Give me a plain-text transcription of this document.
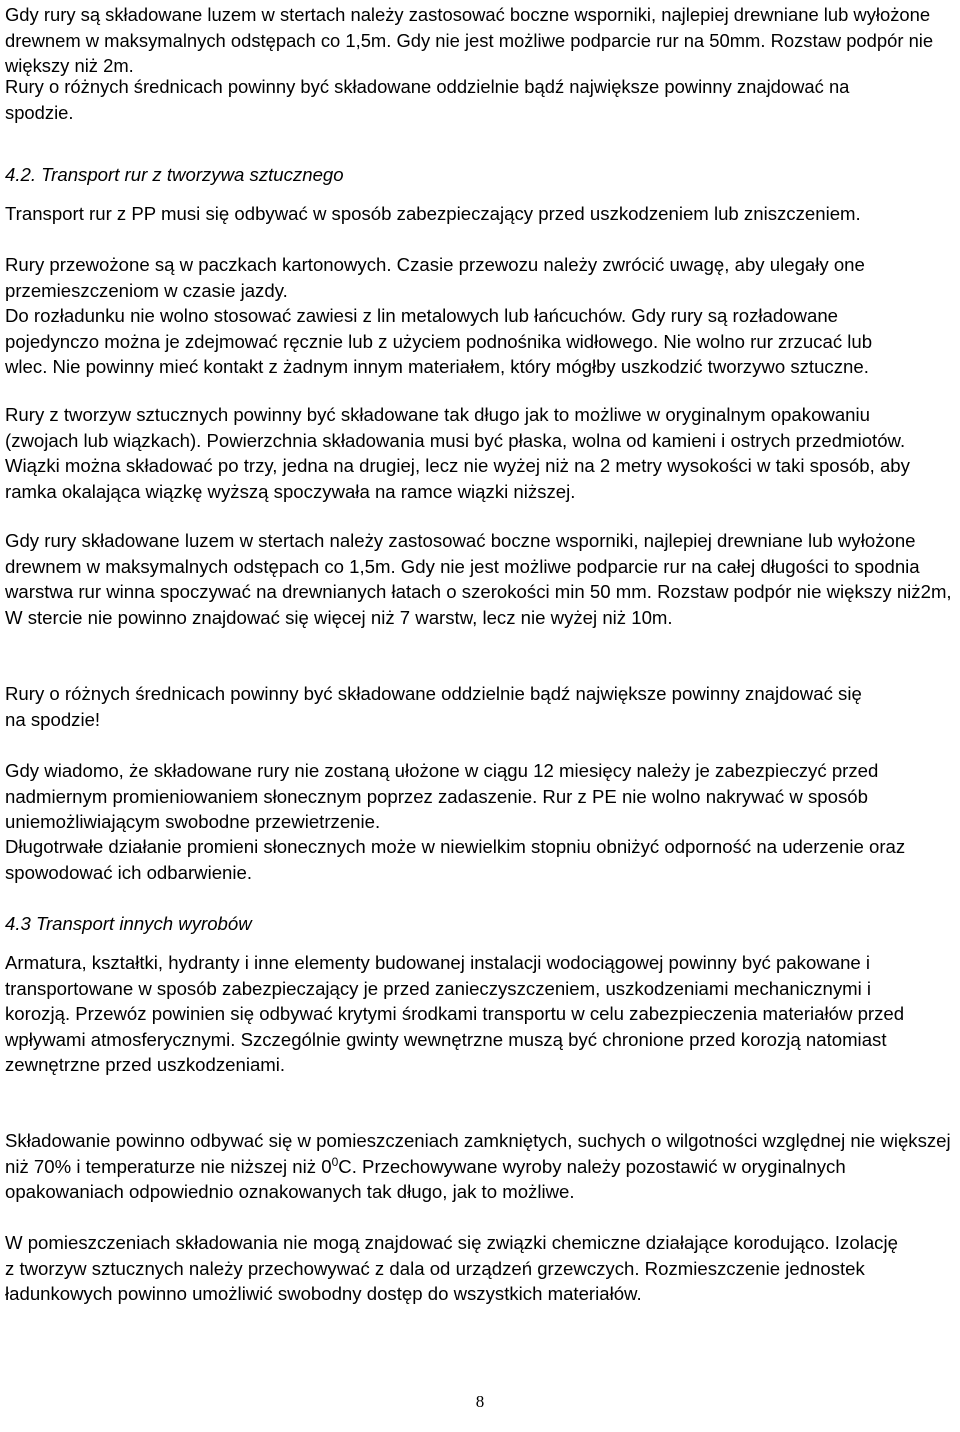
Gdy rury są składowane luzem w stertach należy zastosować boczne wsporniki, najlepiej drewniane lub wyłożone drewnem w maksymalnych odstępach co 1,5m. Gdy nie jest możliwe podparcie rur na 50mm. Rozstaw podpór nie większy niż 2m.

Rury o różnych średnicach powinny być składowane oddzielnie bądź największe powinny znajdować na spodzie.

4.2. Transport rur z tworzywa sztucznego

Transport rur z PP musi się odbywać w sposób zabezpieczający przed uszkodzeniem lub zniszczeniem.

Rury przewożone są w paczkach kartonowych. Czasie przewozu należy zwrócić uwagę, aby ulegały one przemieszczeniom w czasie jazdy.

Do rozładunku nie wolno stosować zawiesi z lin metalowych lub łańcuchów. Gdy rury są rozładowane pojedynczo można je zdejmować ręcznie lub z użyciem podnośnika widłowego. Nie wolno rur zrzucać lub wlec. Nie powinny mieć kontakt z żadnym innym materiałem, który mógłby uszkodzić tworzywo sztuczne.

Rury z tworzyw sztucznych powinny być składowane tak długo jak to możliwe w oryginalnym opakowaniu (zwojach lub wiązkach). Powierzchnia składowania musi być płaska, wolna od kamieni i ostrych przedmiotów. Wiązki można składować po trzy, jedna na drugiej, lecz nie wyżej niż na 2 metry wysokości w taki sposób, aby ramka okalająca wiązkę wyższą spoczywała na ramce wiązki niższej.

Gdy rury składowane luzem w stertach należy zastosować boczne wsporniki, najlepiej drewniane lub wyłożone drewnem w maksymalnych odstępach co 1,5m. Gdy nie jest możliwe podparcie rur na całej długości to spodnia warstwa rur winna spoczywać na drewnianych łatach o szerokości min 50 mm. Rozstaw podpór nie większy niż2m, W stercie nie powinno znajdować się więcej niż 7 warstw, lecz nie wyżej niż 10m.

Rury o różnych średnicach powinny być składowane oddzielnie bądź największe powinny znajdować się na spodzie!

Gdy wiadomo, że składowane rury nie zostaną ułożone w ciągu 12 miesięcy należy je zabezpieczyć przed nadmiernym promieniowaniem słonecznym poprzez zadaszenie. Rur z PE nie wolno nakrywać w sposób uniemożliwiającym swobodne przewietrzenie.

Długotrwałe działanie promieni słonecznych może w niewielkim stopniu obniżyć odporność na uderzenie oraz spowodować ich odbarwienie.

4.3 Transport innych wyrobów

Armatura, kształtki, hydranty i inne elementy budowanej instalacji wodociągowej powinny być pakowane i transportowane w sposób zabezpieczający je przed zanieczyszczeniem, uszkodzeniami mechanicznymi i korozją. Przewóz powinien się odbywać krytymi środkami transportu w celu zabezpieczenia materiałów przed wpływami atmosferycznymi. Szczególnie gwinty wewnętrzne muszą być chronione przed korozją natomiast zewnętrzne przed uszkodzeniami.

Składowanie powinno odbywać się w pomieszczeniach zamkniętych, suchych o wilgotności względnej nie większej niż 70% i temperaturze nie niższej niż $0^0C$. Przechowywane wyroby należy pozostawić w oryginalnych opakowaniach odpowiednio oznakowanych tak długo, jak to możliwe.

W pomieszczeniach składowania nie mogą znajdować się związki chemiczne działające korodująco. Izolację z tworzyw sztucznych należy przechowywać z dala od urządzeń grzewczych. Rozmieszczenie jednostek ładunkowych powinno umożliwić swobodny dostęp do wszystkich materiałów.

8
